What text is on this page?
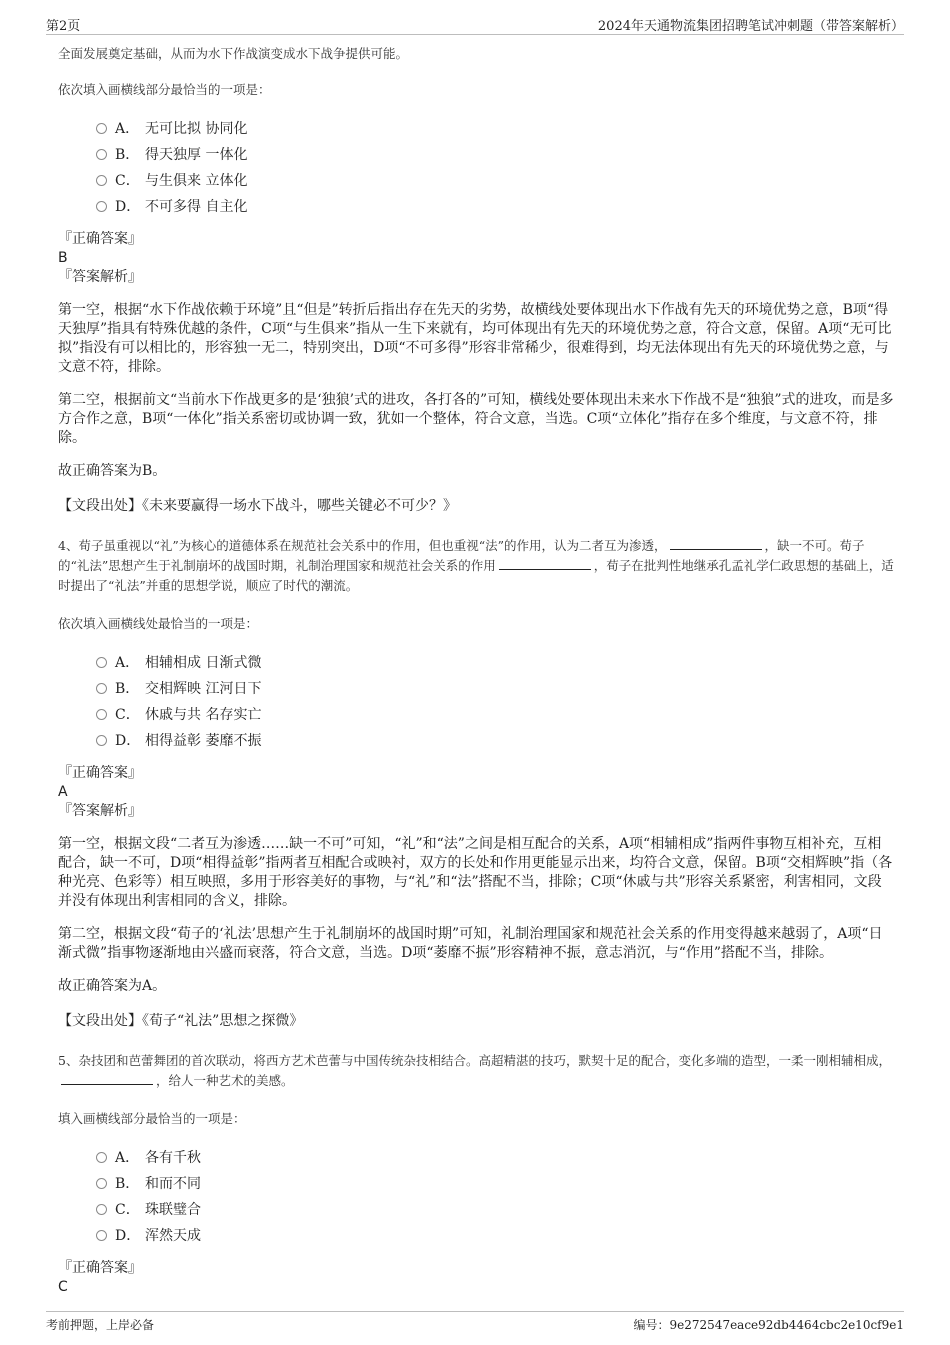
第2页	2024年天通物流集团招聘笔试冲刺题（带答案解析）
全面发展奠定基础，从而为水下作战演变成水下战争提供可能。
依次填入画横线部分最恰当的一项是：
A． 无可比拟 协同化
B． 得天独厚 一体化
C． 与生俱来 立体化
D． 不可多得 自主化
『正确答案』
B
『答案解析』
第一空，根据“水下作战依赖于环境”且“但是”转折后指出存在先天的劣势，故横线处要体现出水下作战有先天的环境优势之意，B项“得天独厚”指具有特殊优越的条件，C项“与生俱来”指从一生下来就有，均可体现出有先天的环境优势之意，符合文意，保留。A项“无可比拟”指没有可以相比的，形容独一无二，特别突出，D项“不可多得”形容非常稀少，很难得到，均无法体现出有先天的环境优势之意，与文意不符，排除。
第二空，根据前文“当前水下作战更多的是‘独狼’式的进攻，各打各的”可知，横线处要体现出未来水下作战不是“独狼”式的进攻，而是多方合作之意，B项“一体化”指关系密切或协调一致，犹如一个整体，符合文意，当选。C项“立体化”指存在多个维度，与文意不符，排除。
故正确答案为B。
【文段出处】《未来要赢得一场水下战斗，哪些关键必不可少？》
4、荀子虽重视以“礼”为核心的道德体系在规范社会关系中的作用，但也重视“法”的作用，认为二者互为渗透，	，缺一不可。荀子的“礼法”思想产生于礼制崩坏的战国时期，礼制治理国家和规范社会关系的作用	，荀子在批判性地继承孔孟礼学仁政思想的基础上，适时提出了“礼法”并重的思想学说，顺应了时代的潮流。
依次填入画横线处最恰当的一项是：
A． 相辅相成 日渐式微
B． 交相辉映 江河日下
C． 休戚与共 名存实亡
D． 相得益彰 萎靡不振
『正确答案』
A
『答案解析』
第一空，根据文段“二者互为渗透……缺一不可”可知，“礼”和“法”之间是相互配合的关系，A项“相辅相成”指两件事物互相补充，互相配合，缺一不可，D项“相得益彰”指两者互相配合或映衬，双方的长处和作用更能显示出来，均符合文意，保留。B项“交相辉映”指（各种光亮、色彩等）相互映照，多用于形容美好的事物，与“礼”和“法”搭配不当，排除；C项“休戚与共”形容关系紧密，利害相同，文段并没有体现出利害相同的含义，排除。
第二空，根据文段“荀子的‘礼法’思想产生于礼制崩坏的战国时期”可知，礼制治理国家和规范社会关系的作用变得越来越弱了，A项“日渐式微”指事物逐渐地由兴盛而衰落，符合文意，当选。D项“萎靡不振”形容精神不振，意志消沉，与“作用”搭配不当，排除。
故正确答案为A。
【文段出处】《荀子“礼法”思想之探微》
5、杂技团和芭蕾舞团的首次联动，将西方艺术芭蕾与中国传统杂技相结合。高超精湛的技巧，默契十足的配合，变化多端的造型，一柔一刚相辅相成，，给人一种艺术的美感。
填入画横线部分最恰当的一项是：
A． 各有千秋
B． 和而不同
C． 珠联璧合
D． 浑然天成
『正确答案』
C
考前押题，上岸必备	编号：9e272547eace92db4464cbc2e10cf9e1
